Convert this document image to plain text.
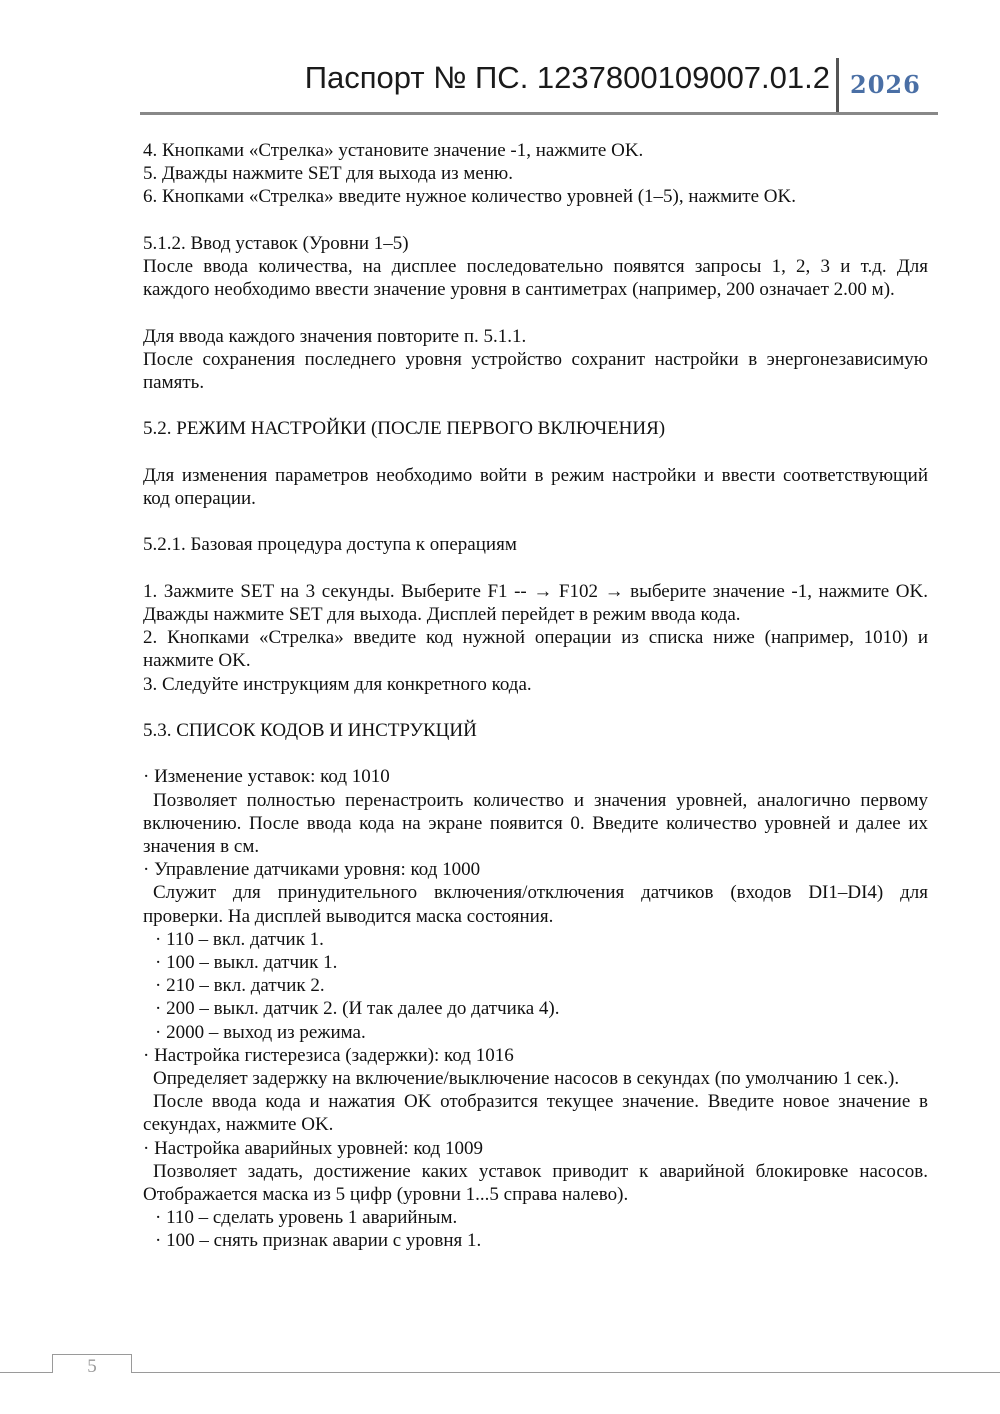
Паспорт № ПС. 1237800109007.01.2 2026

4. Кнопками «Стрелка» установите значение -1, нажмите OK.

5. Дважды нажмите SET для выхода из меню.

6. Кнопками «Стрелка» введите нужное количество уровней (1–5), нажмите OK.

5.1.2. Ввод уставок (Уровни 1–5)

После ввода количества, на дисплее последовательно появятся запросы 1, 2, 3 и т.д. Для каждого необходимо ввести значение уровня в сантиметрах (например, 200 означает 2.00 м).

Для ввода каждого значения повторите п. 5.1.1.

После сохранения последнего уровня устройство сохранит настройки в энергонезависимую память.

5.2. РЕЖИМ НАСТРОЙКИ (ПОСЛЕ ПЕРВОГО ВКЛЮЧЕНИЯ)

Для изменения параметров необходимо войти в режим настройки и ввести соответствующий код операции.

5.2.1. Базовая процедура доступа к операциям

1. Зажмите SET на 3 секунды. Выберите F1 -- → F102 → выберите значение -1, нажмите OK. Дважды нажмите SET для выхода. Дисплей перейдет в режим ввода кода.

2. Кнопками «Стрелка» введите код нужной операции из списка ниже (например, 1010) и нажмите OK.

3. Следуйте инструкциям для конкретного кода.

5.3. СПИСОК КОДОВ И ИНСТРУКЦИЙ

· Изменение уставок: код 1010

Позволяет полностью перенастроить количество и значения уровней, аналогично первому включению. После ввода кода на экране появится 0. Введите количество уровней и далее их значения в см.

· Управление датчиками уровня: код 1000

Служит для принудительного включения/отключения датчиков (входов DI1–DI4) для проверки. На дисплей выводится маска состояния.

· 110 – вкл. датчик 1.

· 100 – выкл. датчик 1.

· 210 – вкл. датчик 2.

· 200 – выкл. датчик 2. (И так далее до датчика 4).

· 2000 – выход из режима.

· Настройка гистерезиса (задержки): код 1016

Определяет задержку на включение/выключение насосов в секундах (по умолчанию 1 сек.).

После ввода кода и нажатия OK отобразится текущее значение. Введите новое значение в секундах, нажмите OK.

· Настройка аварийных уровней: код 1009

Позволяет задать, достижение каких уставок приводит к аварийной блокировке насосов. Отображается маска из 5 цифр (уровни 1...5 справа налево).

· 110 – сделать уровень 1 аварийным.

· 100 – снять признак аварии с уровня 1.

5
